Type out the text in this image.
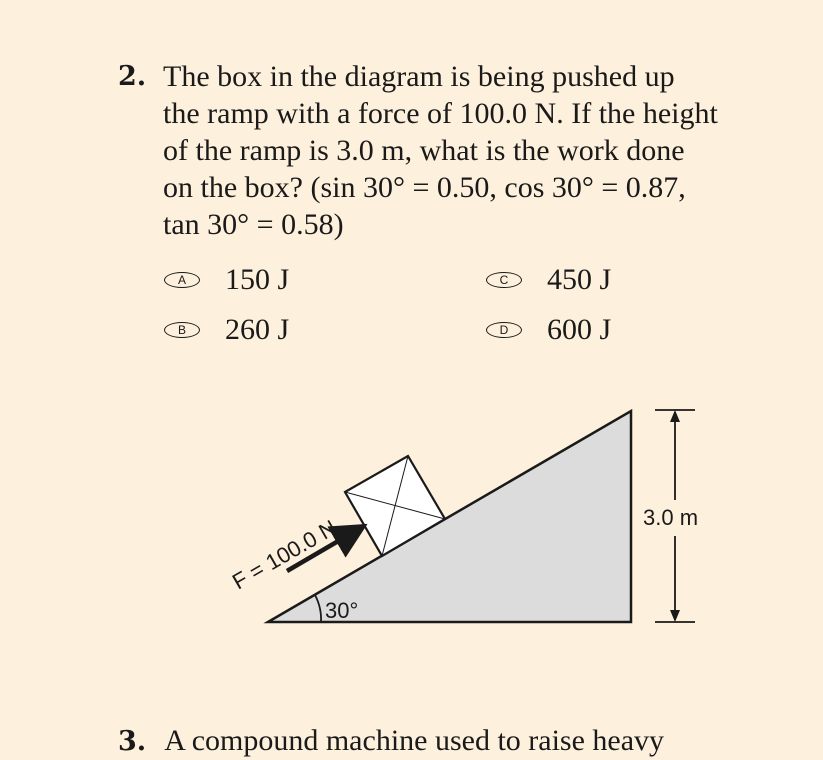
2. The box in the diagram is being pushed up
the ramp with a force of 100.0 N. If the height
of the ramp is 3.0 m, what is the work done
on the box? (sin 30° = 0.50, cos 30° = 0.87,
tan 30° = 0.58)
A	150 J
B	260 J
C	450 J
D	600 J
30°
F = 100.0 N	3.0 m
3. A compound machine used to raise heavy
